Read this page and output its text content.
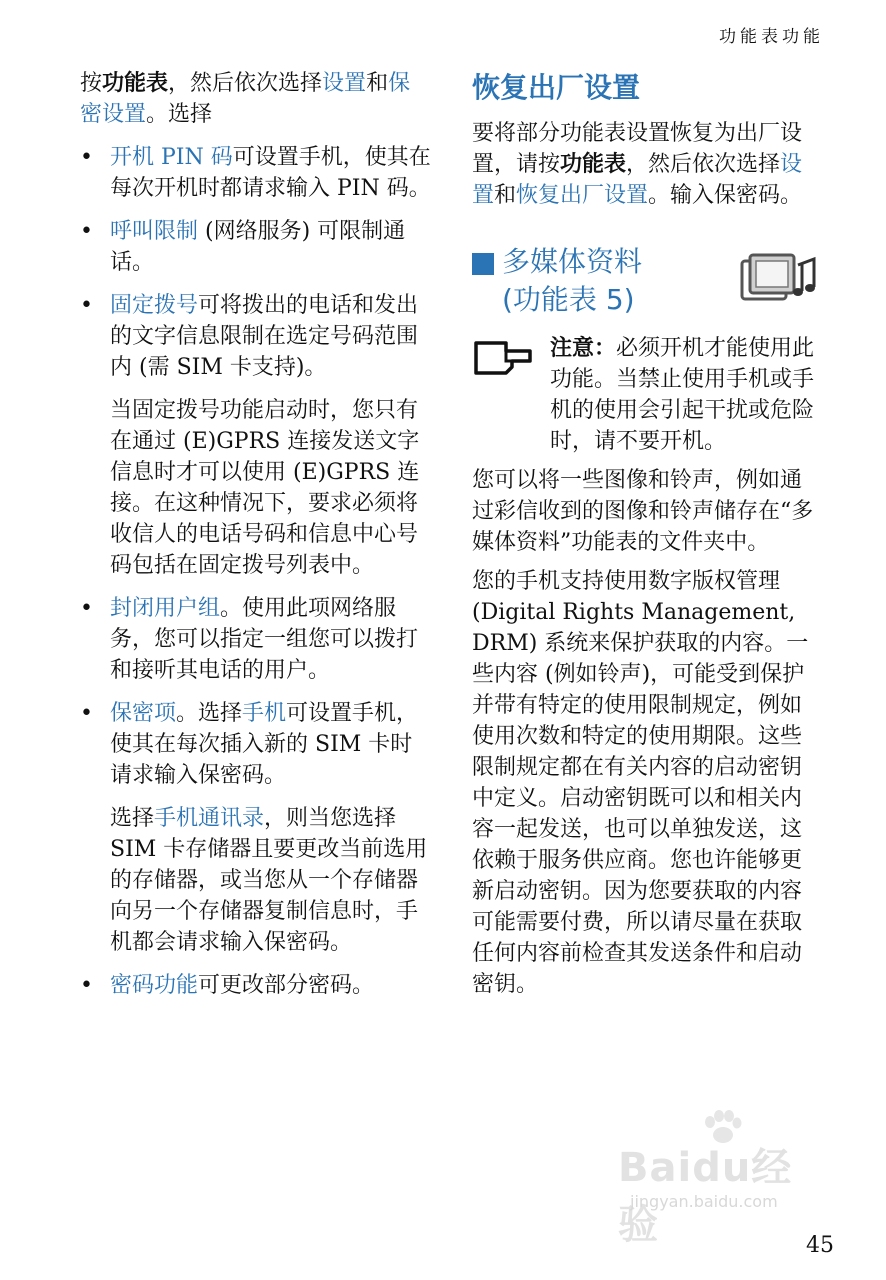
功能表功能

按功能表，然后依次选择设置和保密设置。选择

• 开机 PIN 码可设置手机，使其在每次开机时都请求输入 PIN 码。
• 呼叫限制 (网络服务) 可限制通话。
• 固定拨号可将拨出的电话和发出的文字信息限制在选定号码范围内 (需 SIM 卡支持)。
当固定拨号功能启动时，您只有在通过 (E)GPRS 连接发送文字信息时才可以使用 (E)GPRS 连接。在这种情况下，要求必须将收信人的电话号码和信息中心号码包括在固定拨号列表中。
• 封闭用户组。使用此项网络服务，您可以指定一组您可以拨打和接听其电话的用户。
• 保密项。选择手机可设置手机，使其在每次插入新的 SIM 卡时请求输入保密码。
选择手机通讯录，则当您选择 SIM 卡存储器且要更改当前选用的存储器，或当您从一个存储器向另一个存储器复制信息时，手机都会请求输入保密码。
• 密码功能可更改部分密码。
恢复出厂设置

要将部分功能表设置恢复为出厂设置，请按功能表，然后依次选择设置和恢复出厂设置。输入保密码。

多媒体资料
(功能表 5)
注意：必须开机才能使用此功能。当禁止使用手机或手机的使用会引起干扰或危险时，请不要开机。

您可以将一些图像和铃声，例如通过彩信收到的图像和铃声储存在“多媒体资料”功能表的文件夹中。

您的手机支持使用数字版权管理 (Digital Rights Management, DRM) 系统来保护获取的内容。一些内容 (例如铃声)，可能受到保护并带有特定的使用限制规定，例如使用次数和特定的使用期限。这些限制规定都在有关内容的启动密钥中定义。启动密钥既可以和相关内容一起发送，也可以单独发送，这依赖于服务供应商。您也许能够更新启动密钥。因为您要获取的内容可能需要付费，所以请尽量在获取任何内容前检查其发送条件和启动密钥。

Baidu经验
jingyan.baidu.com
45
